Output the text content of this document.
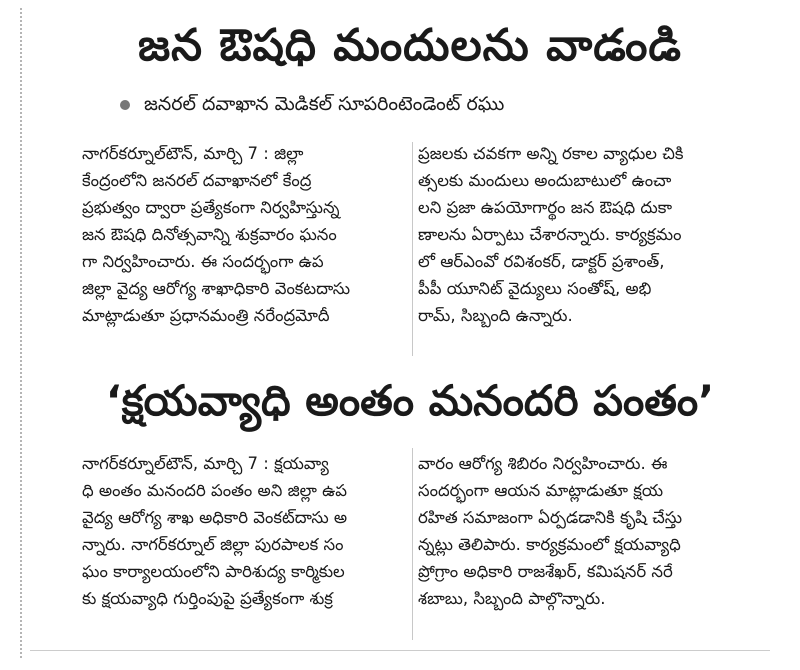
జన ఔషధి మందులను వాడండి
జనరల్ దవాఖాన మెడికల్ సూపరింటెండెంట్ రఘు

నాగర్‌కర్నూల్‌టౌన్, మార్చి 7 : జిల్లా

కేంద్రంలోని జనరల్ దవాఖానలో కేంద్ర

ప్రభుత్వం ద్వారా ప్రత్యేకంగా నిర్వహిస్తున్న

జన ఔషధి దినోత్సవాన్ని శుక్రవారం ఘనం

గా నిర్వహించారు. ఈ సందర్భంగా ఉప

జిల్లా వైద్య ఆరోగ్య శాఖాధికారి వెంకటదాసు

మాట్లాడుతూ ప్రధానమంత్రి నరేంద్రమోదీ

ప్రజలకు చవకగా అన్ని రకాల వ్యాధుల చికి

త్సలకు మందులు అందుబాటులో ఉంచా

లని ప్రజా ఉపయోగార్థం జన ఔషధి దుకా

ణాలను ఏర్పాటు చేశారన్నారు. కార్యక్రమం

లో ఆర్‌ఎంవో రవిశంకర్, డాక్టర్ ప్రశాంత్,

పీపీ యూనిట్ వైద్యులు సంతోష్, అభి

రామ్, సిబ్బంది ఉన్నారు.

‘క్షయవ్యాధి అంతం మనందరి పంతం’

నాగర్‌కర్నూల్‌టౌన్, మార్చి 7 : క్షయవ్యా

ధి అంతం మనందరి పంతం అని జిల్లా ఉప

వైద్య ఆరోగ్య శాఖ అధికారి వెంకట్‌దాసు అ

న్నారు. నాగర్‌కర్నూల్ జిల్లా పురపాలక సం

ఘం కార్యాలయంలోని పారిశుద్య కార్మికుల

కు క్షయవ్యాధి గుర్తింపుపై ప్రత్యేకంగా శుక్ర

వారం ఆరోగ్య శిబిరం నిర్వహించారు. ఈ

సందర్భంగా ఆయన మాట్లాడుతూ క్షయ

రహిత సమాజంగా ఏర్పడడానికి కృషి చేస్తు

న్నట్లు తెలిపారు. కార్యక్రమంలో క్షయవ్యాధి

ప్రోగ్రాం అధికారి రాజశేఖర్, కమిషనర్ నరే

శబాబు, సిబ్బంది పాల్గొన్నారు.
